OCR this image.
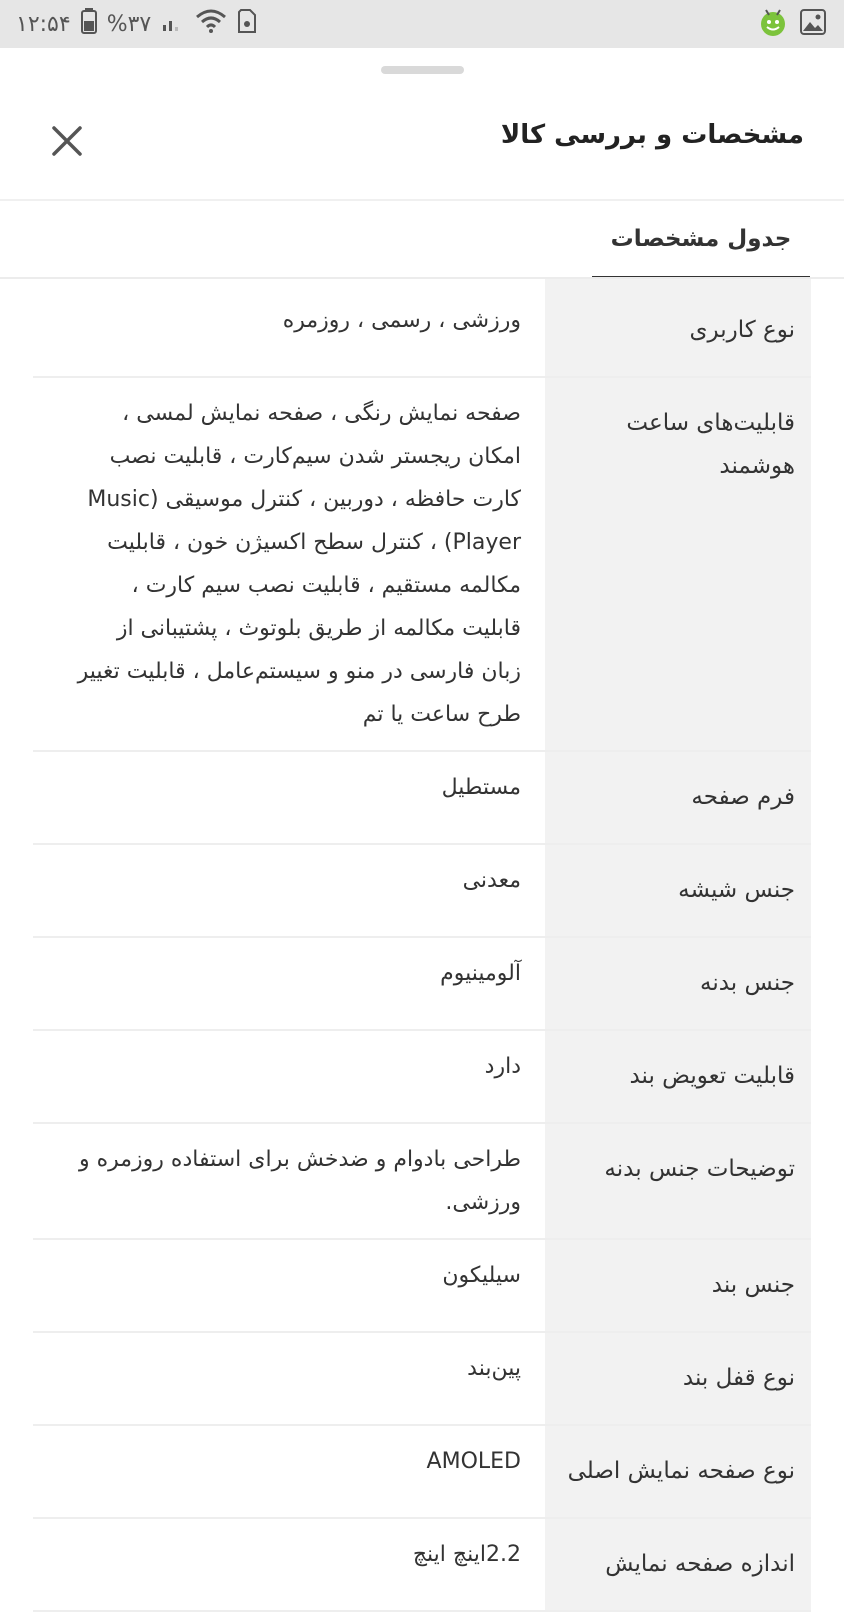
۱۲:۵۴ %۳۷
مشخصات و بررسی کالا
جدول مشخصات
نوع کاربری
ورزشی ، رسمی ، روزمره
قابلیت‌های ساعت هوشمند
صفحه نمایش رنگی ، صفحه نمایش لمسی ، امکان ریجستر شدن سیم‌کارت ، قابلیت نصب کارت حافظه ، دوربین ، کنترل موسیقی (Music Player) ، کنترل سطح اکسیژن خون ، قابلیت مکالمه مستقیم ، قابلیت نصب سیم کارت ، قابلیت مکالمه از طریق بلوتوث ، پشتیبانی از زبان فارسی در منو و سیستم‌عامل ، قابلیت تغییر طرح ساعت یا تم
فرم صفحه
مستطیل
جنس شیشه
معدنی
جنس بدنه
آلومینیوم
قابلیت تعویض بند
دارد
توضیحات جنس بدنه
طراحی بادوام و ضدخش برای استفاده روزمره و ورزشی.
جنس بند
سیلیکون
نوع قفل بند
پین‌بند
نوع صفحه نمایش اصلی
AMOLED
اندازه صفحه نمایش
2.2اینچ اینچ
